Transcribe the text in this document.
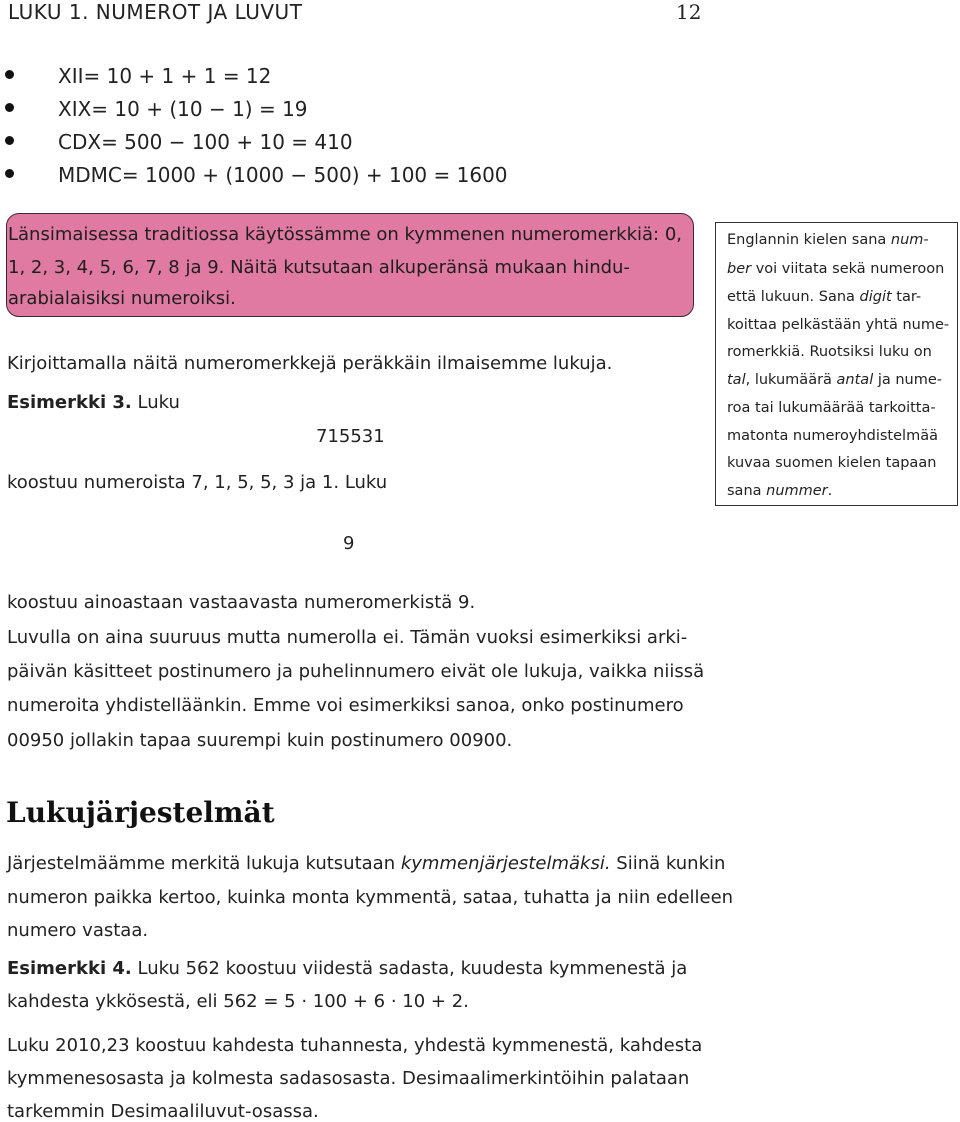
LUKU 1. NUMEROT JA LUVUT	12
XII= 10 + 1 + 1 = 12
XIX= 10 + (10 − 1) = 19
CDX= 500 − 100 + 10 = 410
MDMC= 1000 + (1000 − 500) + 100 = 1600
Länsimaisessa traditiossa käytössämme on kymmenen numeromerkkiä: 0,
1, 2, 3, 4, 5, 6, 7, 8 ja 9. Näitä kutsutaan alkuperänsä mukaan hindu-
arabialaisiksi numeroiksi.
Kirjoittamalla näitä numeromerkkejä peräkkäin ilmaisemme lukuja.
Esimerkki 3. Luku
715531
koostuu numeroista 7, 1, 5, 5, 3 ja 1. Luku
9
koostuu ainoastaan vastaavasta numeromerkistä 9.
Englannin kielen sana num-
ber voi viitata sekä numeroon
että lukuun. Sana digit tar-
koittaa pelkästään yhtä nume-
romerkkiä. Ruotsiksi luku on
tal, lukumäärä antal ja nume-
roa tai lukumäärää tarkoitta-
matonta numeroyhdistelmää
kuvaa suomen kielen tapaan
sana nummer.
Luvulla on aina suuruus mutta numerolla ei. Tämän vuoksi esimerkiksi arki-
päivän käsitteet postinumero ja puhelinnumero eivät ole lukuja, vaikka niissä
numeroita yhdistelläänkin. Emme voi esimerkiksi sanoa, onko postinumero
00950 jollakin tapaa suurempi kuin postinumero 00900.
Lukujärjestelmät
Järjestelmäämme merkitä lukuja kutsutaan kymmenjärjestelmäksi. Siinä kunkin
numeron paikka kertoo, kuinka monta kymmentä, sataa, tuhatta ja niin edelleen
numero vastaa.
Esimerkki 4. Luku 562 koostuu viidestä sadasta, kuudesta kymmenestä ja
kahdesta ykkösestä, eli 562 = 5 · 100 + 6 · 10 + 2.
Luku 2010,23 koostuu kahdesta tuhannesta, yhdestä kymmenestä, kahdesta
kymmenesosasta ja kolmesta sadasosasta. Desimaalimerkintöihin palataan
tarkemmin Desimaaliluvut-osassa.
